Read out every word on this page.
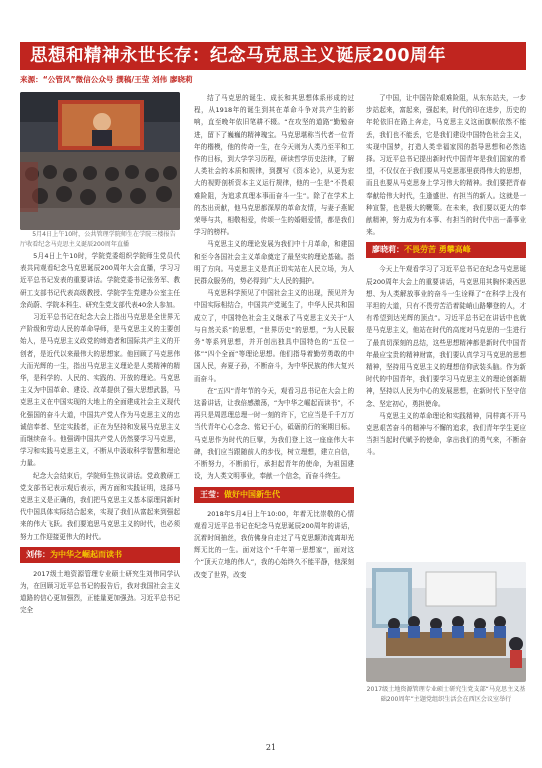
思想和精神永世长存：纪念马克思主义诞辰200周年
来源：“公管风”微信公众号 撰稿/王莹 刘伟 廖晓莉

5月4日上午10时，公共管理学院师生在学院三楼报告厅收看纪念马克思主义诞辰200周年直播

5月4日上午10时，学院党委组织学院师生党员代表共同观看纪念马克思诞辰200周年大会直播，学习习近平总书记发表的重要讲话。学院党委书记张务军、教研工支部书记代表高级教授、学院学生党建办公室主任余尚蔚、学院本科生、研究生党支部代表40余人参加。

习近平总书记在纪念大会上指出马克思是全世界无产阶级和劳动人民的革命导师，是马克思主义的主要创始人，是马克思主义政党的缔造者和国际共产主义的开创者，是近代以来最伟大的思想家。他回顾了马克思伟大而光辉的一生，指出马克思主义理论是人类精神的精华，是科学的、人民的、实践的、开放的理论。马克思主义为中国革命、建设、改革提供了强大思想武器，马克思主义在中国实现的大地上的全面建成社会主义现代化强国的奋斗大道，中国共产党人作为马克思主义的忠诚信奉者、坚定实践者，正在为坚持和发展马克思主义而继续奋斗。他强调中国共产党人仍然要学习马克思，学习和实践马克思主义，不断从中汲取科学智慧和理论力量。

纪念大会结束后，学院师生热议讲话。党政教研工党支部书记表示观后表示，两方面和实践证明，选择马克思主义是正确的，我们把马克思主义基本原理同新时代中国具体实际结合起来，实现了我们从富起来到强起来的伟大飞跃。我们要追思马克思主义的时代，也必须努力工作迎接更伟大的时代。

刘伟：为中华之崛起而读书

2017级土地资源管理专业硕士研究生刘伟同学认为，在回顾习近平总书记的报告后，我对我国社会主义道路的信心更加强烈，正能量更加强劲。习近平总书记完全

结了马克思的诞生、成长和其思想体系形成的过程，从1918年的诞生到其在革命斗争对共产生的影响，直至晚年依旧笔耕不辍。“在攻坚的道路”勤勉奋进，留下了巍巍的精神瑰宝。马克思堪称当代者一位青年的楷模，他的传奇一生，在今天则为人类乃至平和工作的目标，到大学学习历程，研读哲学历史法律，了解人类社会的本质和规律，到撰写《资本论》，从更为宏大的视野剖析资本主义运行规律，他的一生是“不畏艰难险阻，为追求真理本事而奋斗一生”。除了在学术上的杰出贡献，他马克思都深厚的革命友情，与妻子燕妮荣辱与共，相敬相爱，传颂一生的婚姻爱情，都是我们学习的榜样。

马克思主义的理论发展为我们中十月革命，和建国和至今各国社会主义革命奠定了最坚实的理论基础。指明了方向。马克思主义是真正切实站在人民立场，为人民群众服务的，势必得到广大人民的拥护。

马克思科学预见了中国社会主义的出现，预见并为中国实际相结合，中国共产党诞生了，中华人民共和国成立了，中国特色社会主义继承了马克思主义关于“人与自然关系”的思想，“世界历史”的思想，“为人民服务”等系列思想，并开创出独具中国特色的“五位一体”“四个全面”等理论思想。他们指导着勤劳勇敢的中国人民，奔夏子孙，不断奋斗，为中华民族的伟大复兴而奋斗。

在“五四”青年节的今天，观看习总书记在大会上的这番讲话，让我倍感激荡，“为中华之崛起而读书”，不再只是周恩理总理一时一刻的许下，它应当是千千万万当代青年心心念念、铭记于心，砥砺前行的案期目标。马克思作为时代的巨擘，为我们登上这一座座伟大丰碑，我们应当跟随前人的步伐，树立理想，建立自信，不断努力，不断前行，承担起青年的使命，为祖国建设，为人类文明事业，奉献一个信念，而奋斗终生。

王莹：做好中国新生代

2018年5月4日上午10:00，年着无比崇敬的心情观看习近平总书记在纪念马克思诞辰200周年的讲话，沉着时间抽丝，我仿佛身自走过了马克思颠沛流离却光辉无比的一生。面对这个“千年第一思想家”，面对这个“顶天立地的伟人”，我的心始终久不能平静，他深刻改变了世界，改变

了中国，让中国告除艰难险阻，从东东站夫，一步步站起来，富起来，强起来，时代的印在进步，历史的年轮依旧在路上奔走，马克思主义这面旗帜依然不能丢，我们也不能丢，它是我们建设中国特色社会主义，实现中国梦，打造人类幸福家园的指导思想和必然选择。习近平总书记提出新时代中国青年是我们国家的希望，不仅仅在于我们要从马克思那里获得伟大的思想，而且也要从马克思身上学习伟大的精神。我们要把青春奉献给伟大时代，生逢盛世、有担当的新人。这就是一种宣誓，也是极大的鞭策。在未来，我们要以更大的奉献精神，努力成为有本事、有担当的时代中出一番事业来。

廖晓莉：不畏劳苦 勇攀高峰

今天上午观看学习了习近平总书记在纪念马克思诞辰200周年大会上的重要讲话，马克思用其胸怀秉西思想、为人类解放事业的奋斗一生诠释了“在科学上没有平坦的大道，只有不畏劳苦沿着陡峭山路攀登的人，才有希望到达光辉的顶点”。习近平总书记在讲话中也就是马克思主义，他站在时代的高度对马克思的一生进行了最真切深刻的总结，这些思想精神都是新时代中国青年最应宝贵的精神财富，我们要认真学习马克思的思想精神，坚持用马克思主义的理想信仰武装头脑。作为新时代的中国青年，我们要学习马克思主义的理论创新精神，坚持以人民为中心的发展思想，在新时代下坚守信念、坚定初心，勇担使命。

马克思主义的革命理论和实践精神，同样离不开马克思艰苦奋斗的精神与不懈的追求，我们青年学生更应当担当起时代赋予的使命，拿出我们的勇气来，不断奋斗。

2017级土地资源管理专业硕士研究生党支部“马克思主义基础200周年”主题党组织生活会在西区会议室举行

21
